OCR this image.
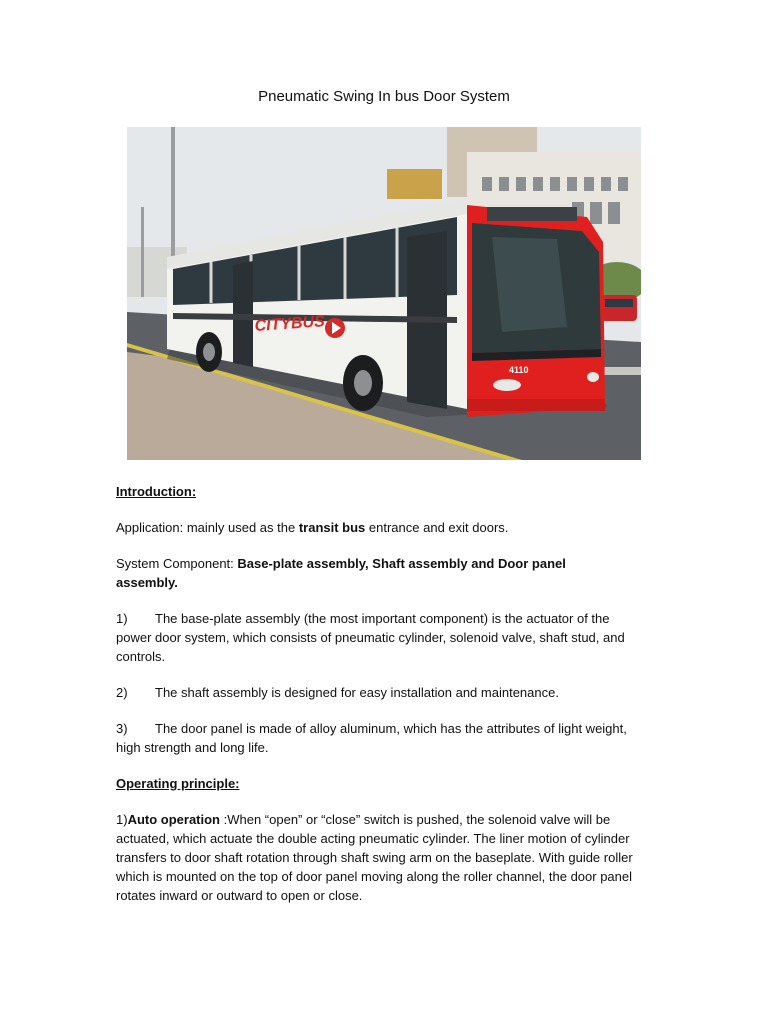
Pneumatic Swing In bus Door System
CITYBUS
4110
Introduction:
Application: mainly used as the transit bus entrance and exit doors.

System Component: Base-plate assembly, Shaft assembly and Door panel

assembly.

1) The base-plate assembly (the most important component) is the actuator of the

power door system, which consists of pneumatic cylinder, solenoid valve, shaft stud, and

controls.

2) The shaft assembly is designed for easy installation and maintenance.

3) The door panel is made of alloy aluminum, which has the attributes of light weight,

high strength and long life.

Operating principle:

1)Auto operation :When “open” or “close” switch is pushed, the solenoid valve will be

actuated, which actuate the double acting pneumatic cylinder. The liner motion of cylinder

transfers to door shaft rotation through shaft swing arm on the baseplate. With guide roller

which is mounted on the top of door panel moving along the roller channel, the door panel

rotates inward or outward to open or close.
